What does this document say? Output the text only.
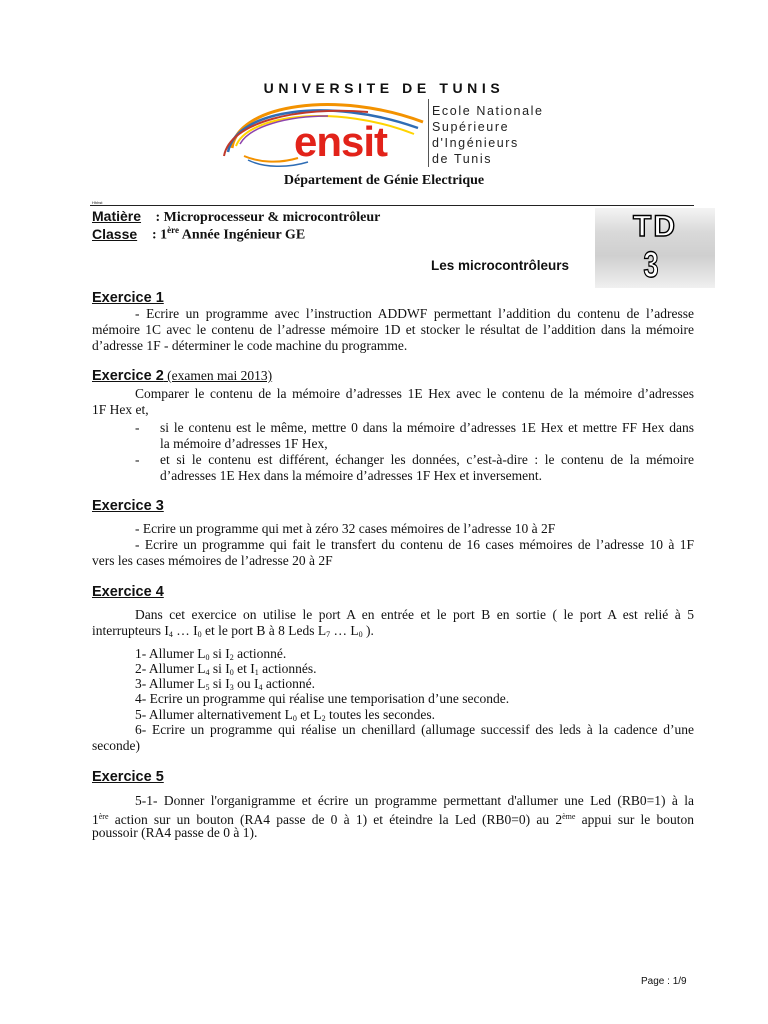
UNIVERSITE DE TUNIS
ensit
Ecole Nationale
Supérieure
d'Ingénieurs
de Tunis
Département de Génie Electrique
Hhhst
Matière : Microprocesseur & microcontrôleur
Classe : 1ère Année Ingénieur GE	TD
3
Les microcontrôleurs
Exercice 1
- Ecrire un programme avec l’instruction ADDWF permettant l’addition du contenu de l’adresse
mémoire 1C avec le contenu de l’adresse mémoire 1D et stocker le résultat de l’addition dans la mémoire
d’adresse 1F - déterminer le code machine du programme.
Exercice 2 (examen mai 2013)
Comparer le contenu de la mémoire d’adresses 1E Hex avec le contenu de la mémoire d’adresses
1F Hex et,
- si le contenu est le même, mettre 0 dans la mémoire d’adresses 1E Hex et mettre FF Hex dans
la mémoire d’adresses 1F Hex,
- et si le contenu est différent, échanger les données, c’est-à-dire : le contenu de la mémoire
d’adresses 1E Hex dans la mémoire d’adresses 1F Hex et inversement.
Exercice 3
- Ecrire un programme qui met à zéro 32 cases mémoires de l’adresse 10 à 2F
- Ecrire un programme qui fait le transfert du contenu de 16 cases mémoires de l’adresse 10 à 1F
vers les cases mémoires de l’adresse 20 à 2F
Exercice 4
Dans cet exercice on utilise le port A en entrée et le port B en sortie ( le port A est relié à 5
interrupteurs $I_4$ … $I_0$ et le port B à 8 Leds $L_7$ … $L_0$ ).
1- Allumer $L_0$ si $I_2$ actionné.
2- Allumer $L_4$ si $I_0$ et $I_1$ actionnés.
3- Allumer $L_5$ si $I_3$ ou $I_4$ actionné.
4- Ecrire un programme qui réalise une temporisation d’une seconde.
5- Allumer alternativement $L_0$ et $L_2$ toutes les secondes.
6- Ecrire un programme qui réalise un chenillard (allumage successif des leds à la cadence d’une
seconde)
Exercice 5
5-1- Donner l'organigramme et écrire un programme permettant d'allumer une Led (RB0=1) à la
1ère action sur un bouton (RA4 passe de 0 à 1) et éteindre la Led (RB0=0) au 2ème appui sur le bouton
poussoir (RA4 passe de 0 à 1).
Page : 1/9
